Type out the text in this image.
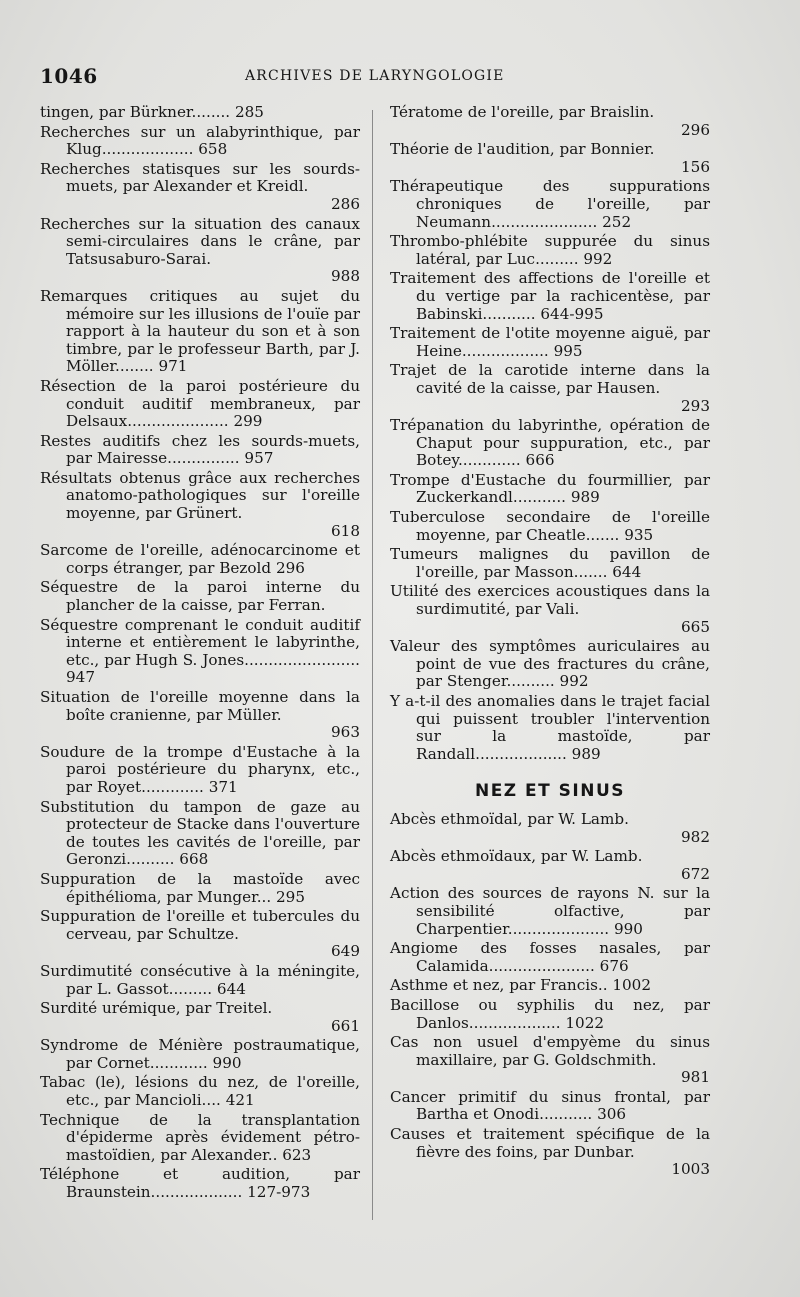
1046	ARCHIVES DE LARYNGOLOGIE
tingen, par Bürkner........ 285
Recherches sur un alabyrinthique, par Klug................... 658
Recherches statisques sur les sourds-muets, par Alexander et Kreidl.
286
Recherches sur la situation des canaux semi-circulaires dans le crâne, par Tatsusaburo-Sarai.
988
Remarques critiques au sujet du mémoire sur les illusions de l'ouïe par rapport à la hauteur du son et à son timbre, par le professeur Barth, par J. Möller........ 971
Résection de la paroi postérieure du conduit auditif membraneux, par Delsaux..................... 299
Restes auditifs chez les sourds-muets, par Mairesse............... 957
Résultats obtenus grâce aux recherches anatomo-pathologiques sur l'oreille moyenne, par Grünert.
618
Sarcome de l'oreille, adénocarcinome et corps étranger, par Bezold 296
Séquestre de la paroi interne du plancher de la caisse, par Ferran.
Séquestre comprenant le conduit auditif interne et entièrement le labyrinthe, etc., par Hugh S. Jones........................ 947
Situation de l'oreille moyenne dans la boîte cranienne, par Müller.
963
Soudure de la trompe d'Eustache à la paroi postérieure du pharynx, etc., par Royet............. 371
Substitution du tampon de gaze au protecteur de Stacke dans l'ouverture de toutes les cavités de l'oreille, par Geronzi.......... 668
Suppuration de la mastoïde avec épithélioma, par Munger... 295
Suppuration de l'oreille et tubercules du cerveau, par Schultze.
649
Surdimutité consécutive à la méningite, par L. Gassot......... 644
Surdité urémique, par Treitel.
661
Syndrome de Ménière postraumatique, par Cornet............ 990
Tabac (le), lésions du nez, de l'oreille, etc., par Mancioli.... 421
Technique de la transplantation d'épiderme après évidement pétro-mastoïdien, par Alexander.. 623
Téléphone et audition, par Braunstein................... 127-973
Tératome de l'oreille, par Braislin.
296
Théorie de l'audition, par Bonnier.
156
Thérapeutique des suppurations chroniques de l'oreille, par Neumann...................... 252
Thrombo-phlébite suppurée du sinus latéral, par Luc......... 992
Traitement des affections de l'oreille et du vertige par la rachicentèse, par Babinski........... 644-995
Traitement de l'otite moyenne aiguë, par Heine.................. 995
Trajet de la carotide interne dans la cavité de la caisse, par Hausen.
293
Trépanation du labyrinthe, opération de Chaput pour suppuration, etc., par Botey............. 666
Trompe d'Eustache du fourmillier, par Zuckerkandl........... 989
Tuberculose secondaire de l'oreille moyenne, par Cheatle....... 935
Tumeurs malignes du pavillon de l'oreille, par Masson....... 644
Utilité des exercices acoustiques dans la surdimutité, par Vali.
665
Valeur des symptômes auriculaires au point de vue des fractures du crâne, par Stenger.......... 992
Y a-t-il des anomalies dans le trajet facial qui puissent troubler l'intervention sur la mastoïde, par Randall................... 989
NEZ ET SINUS
Abcès ethmoïdal, par W. Lamb.
982
Abcès ethmoïdaux, par W. Lamb.
672
Action des sources de rayons N. sur la sensibilité olfactive, par Charpentier..................... 990
Angiome des fosses nasales, par Calamida...................... 676
Asthme et nez, par Francis.. 1002
Bacillose ou syphilis du nez, par Danlos................... 1022
Cas non usuel d'empyème du sinus maxillaire, par G. Goldschmith.
981
Cancer primitif du sinus frontal, par Bartha et Onodi........... 306
Causes et traitement spécifique de la fièvre des foins, par Dunbar.
1003
